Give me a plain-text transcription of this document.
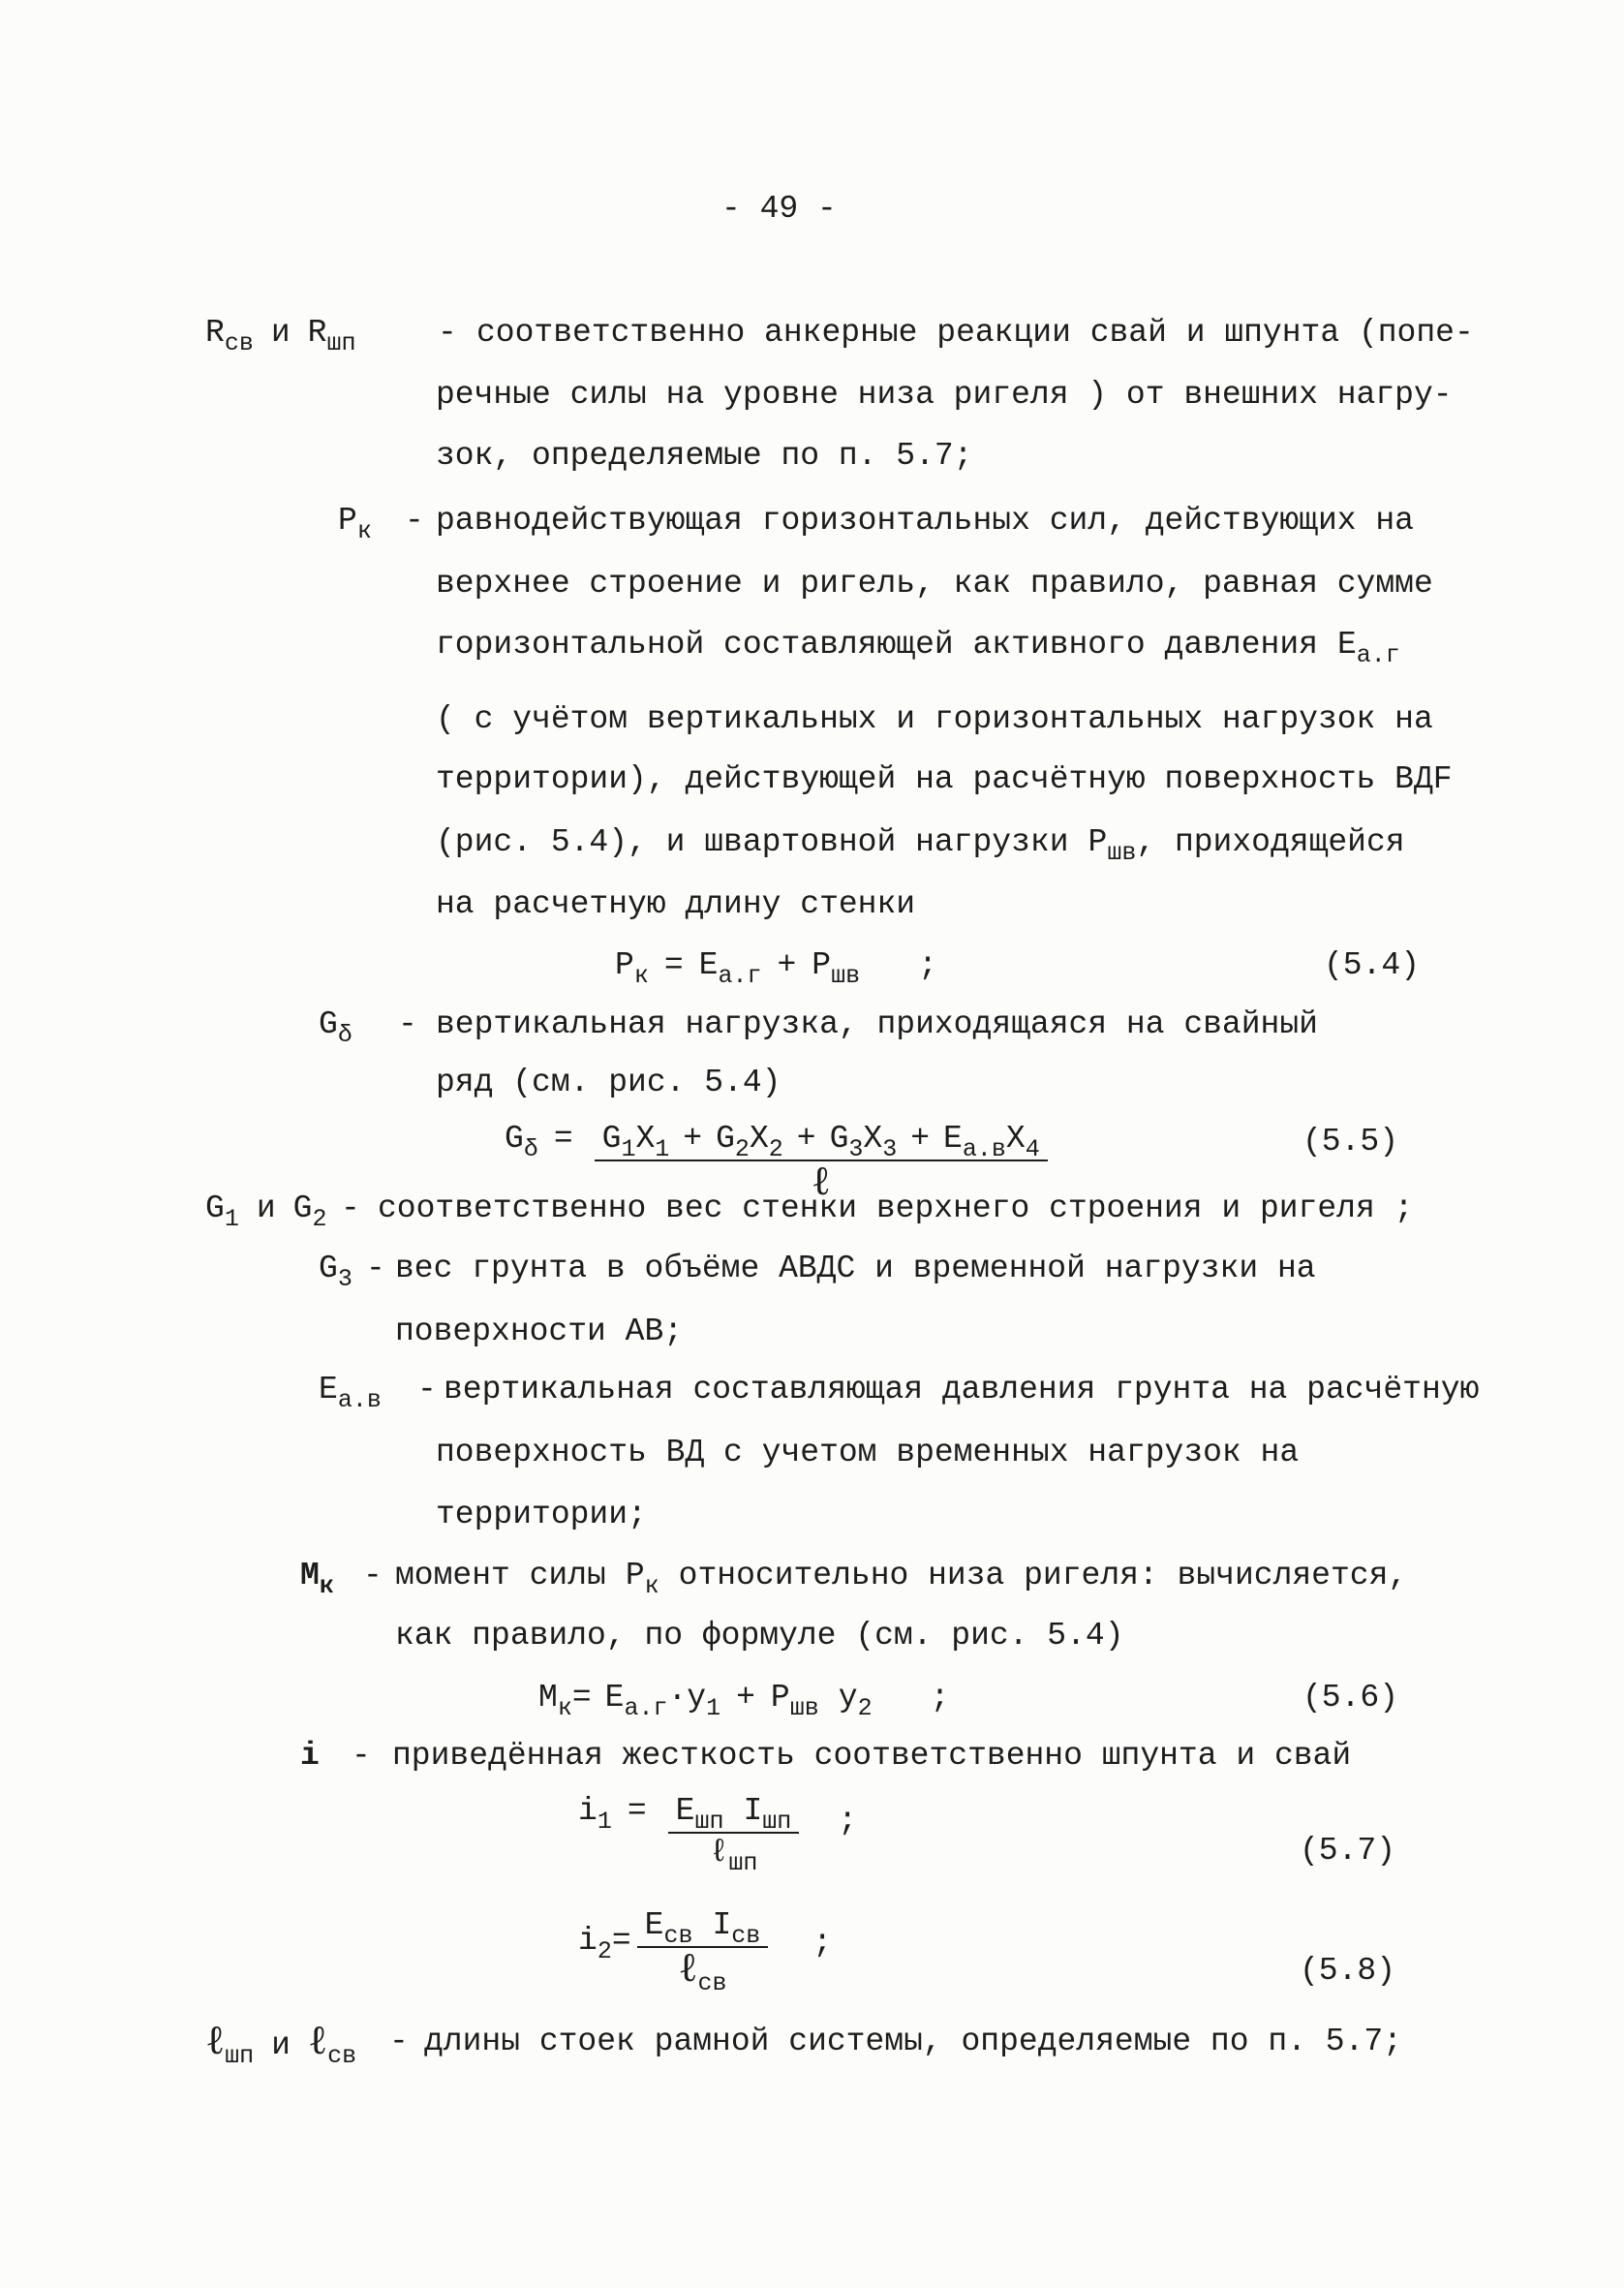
- 49 -
$R_{св}$ и $R_{шп}$	- соответственно анкерные реакции свай и шпунта (попе-
речные силы на уровне низа ригеля ) от внешних нагру-
зок, определяемые по п. 5.7;
$P_к$ - равнодействующая горизонтальных сил, действующих на
верхнее строение и ригель, как правило, равная сумме
горизонтальной составляющей активного давления $E_{а.г}$
( с учётом вертикальных и горизонтальных нагрузок на
территории), действующей на расчётную поверхность ВДF
(рис. 5.4), и швартовной нагрузки $P_{шв}$, приходящейся
на расчетную длину стенки
$P_к = E_{а.г} + P_{шв}$ ;	(5.4)
$G_\delta$ - вертикальная нагрузка, приходящаяся на свайный
ряд (см. рис. 5.4)
$G_\delta = \frac{G_1X_1 + G_2X_2 + G_3X_3 + E_{а.в}X_4}{\text{ℓ}}$	(5.5)
$G_1$ и $G_2$ - соответственно вес стенки верхнего строения и ригеля ;
$G_3$ - вес грунта в объёме АВДС и временной нагрузки на
поверхности АВ;
$E_{а.в}$ - вертикальная составляющая давления грунта на расчётную
поверхность ВД с учетом временных нагрузок на
территории;
$M_к$ - момент силы $P_к$ относительно низа ригеля: вычисляется,
как правило, по формуле (см. рис. 5.4)
$M_к= E_{а.г}\cdot y_1 + P_{шв}$ $y_2$ ;	(5.6)
i - приведённая жесткость соответственно шпунта и свай
$i_1 = \frac{E_{шп} I_{шп}}{\ell_{шп}}$ ;
(5.7)
$i_2= \frac{E_{св} I_{св}}{\ell_{св}}$ ;
(5.8)
ℓ$_{шп}$ и ℓ$_{св}$ - длины стоек рамной системы, определяемые по п. 5.7;
